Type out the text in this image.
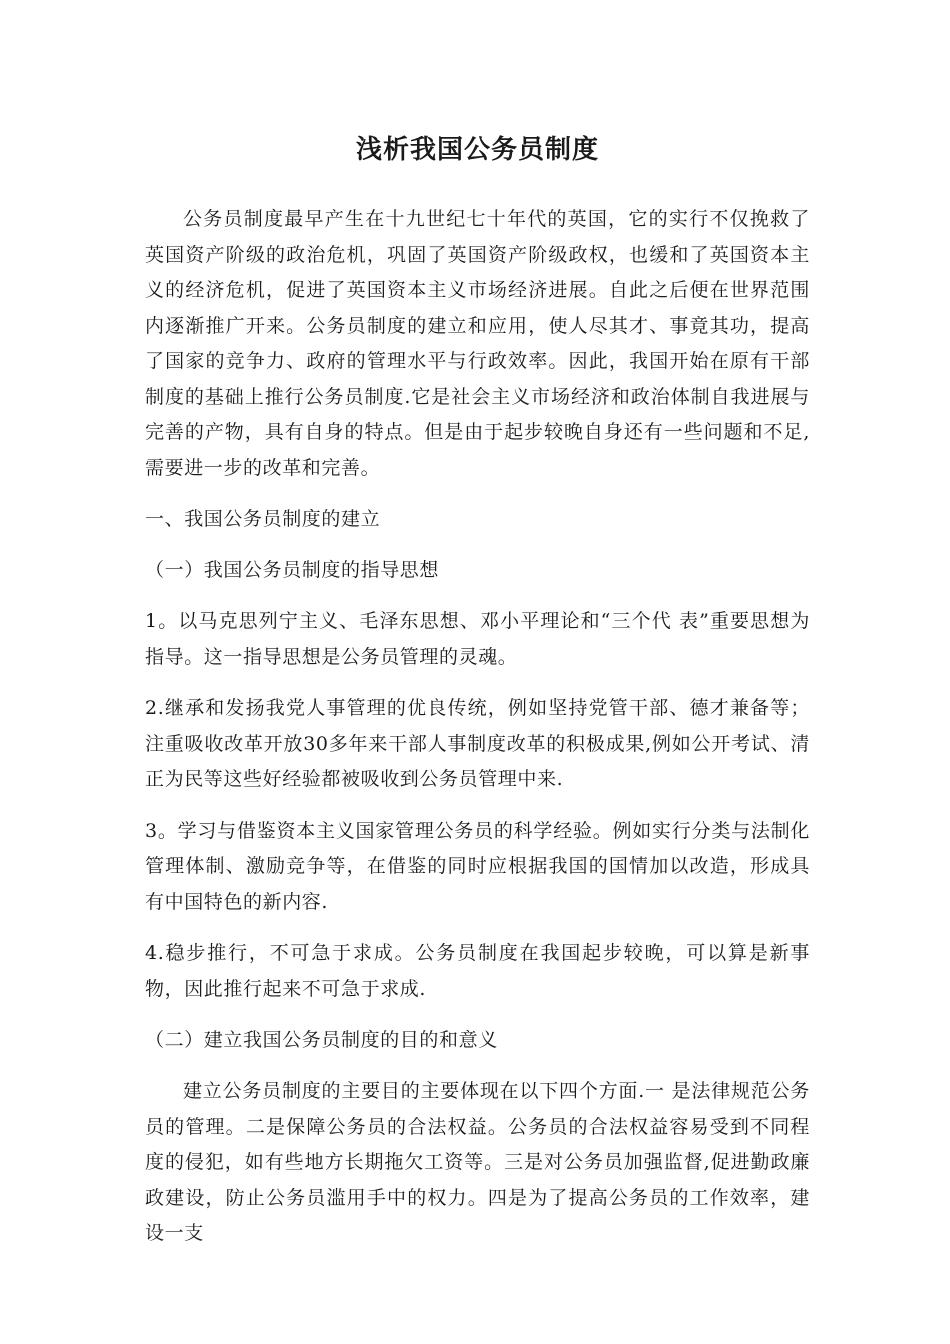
浅析我国公务员制度

公务员制度最早产生在十九世纪七十年代的英国，它的实行不仅挽救了英国资产阶级的政治危机，巩固了英国资产阶级政权，也缓和了英国资本主义的经济危机，促进了英国资本主义市场经济进展。自此之后便在世界范围内逐渐推广开来。公务员制度的建立和应用，使人尽其才、事竟其功，提高了国家的竞争力、政府的管理水平与行政效率。因此，我国开始在原有干部制度的基础上推行公务员制度.它是社会主义市场经济和政治体制自我进展与完善的产物，具有自身的特点。但是由于起步较晚自身还有一些问题和不足,需要进一步的改革和完善。

一、我国公务员制度的建立

（一）我国公务员制度的指导思想

1。以马克思列宁主义、毛泽东思想、邓小平理论和“三个代 表”重要思想为指导。这一指导思想是公务员管理的灵魂。

2.继承和发扬我党人事管理的优良传统，例如坚持党管干部、德才兼备等；注重吸收改革开放30多年来干部人事制度改革的积极成果,例如公开考试、清正为民等这些好经验都被吸收到公务员管理中来.

3。学习与借鉴资本主义国家管理公务员的科学经验。例如实行分类与法制化管理体制、激励竞争等，在借鉴的同时应根据我国的国情加以改造，形成具有中国特色的新内容.

4.稳步推行，不可急于求成。公务员制度在我国起步较晚，可以算是新事物，因此推行起来不可急于求成.

（二）建立我国公务员制度的目的和意义

建立公务员制度的主要目的主要体现在以下四个方面.一 是法律规范公务员的管理。二是保障公务员的合法权益。公务员的合法权益容易受到不同程度的侵犯，如有些地方长期拖欠工资等。三是对公务员加强监督,促进勤政廉政建设，防止公务员滥用手中的权力。四是为了提高公务员的工作效率，建设一支
